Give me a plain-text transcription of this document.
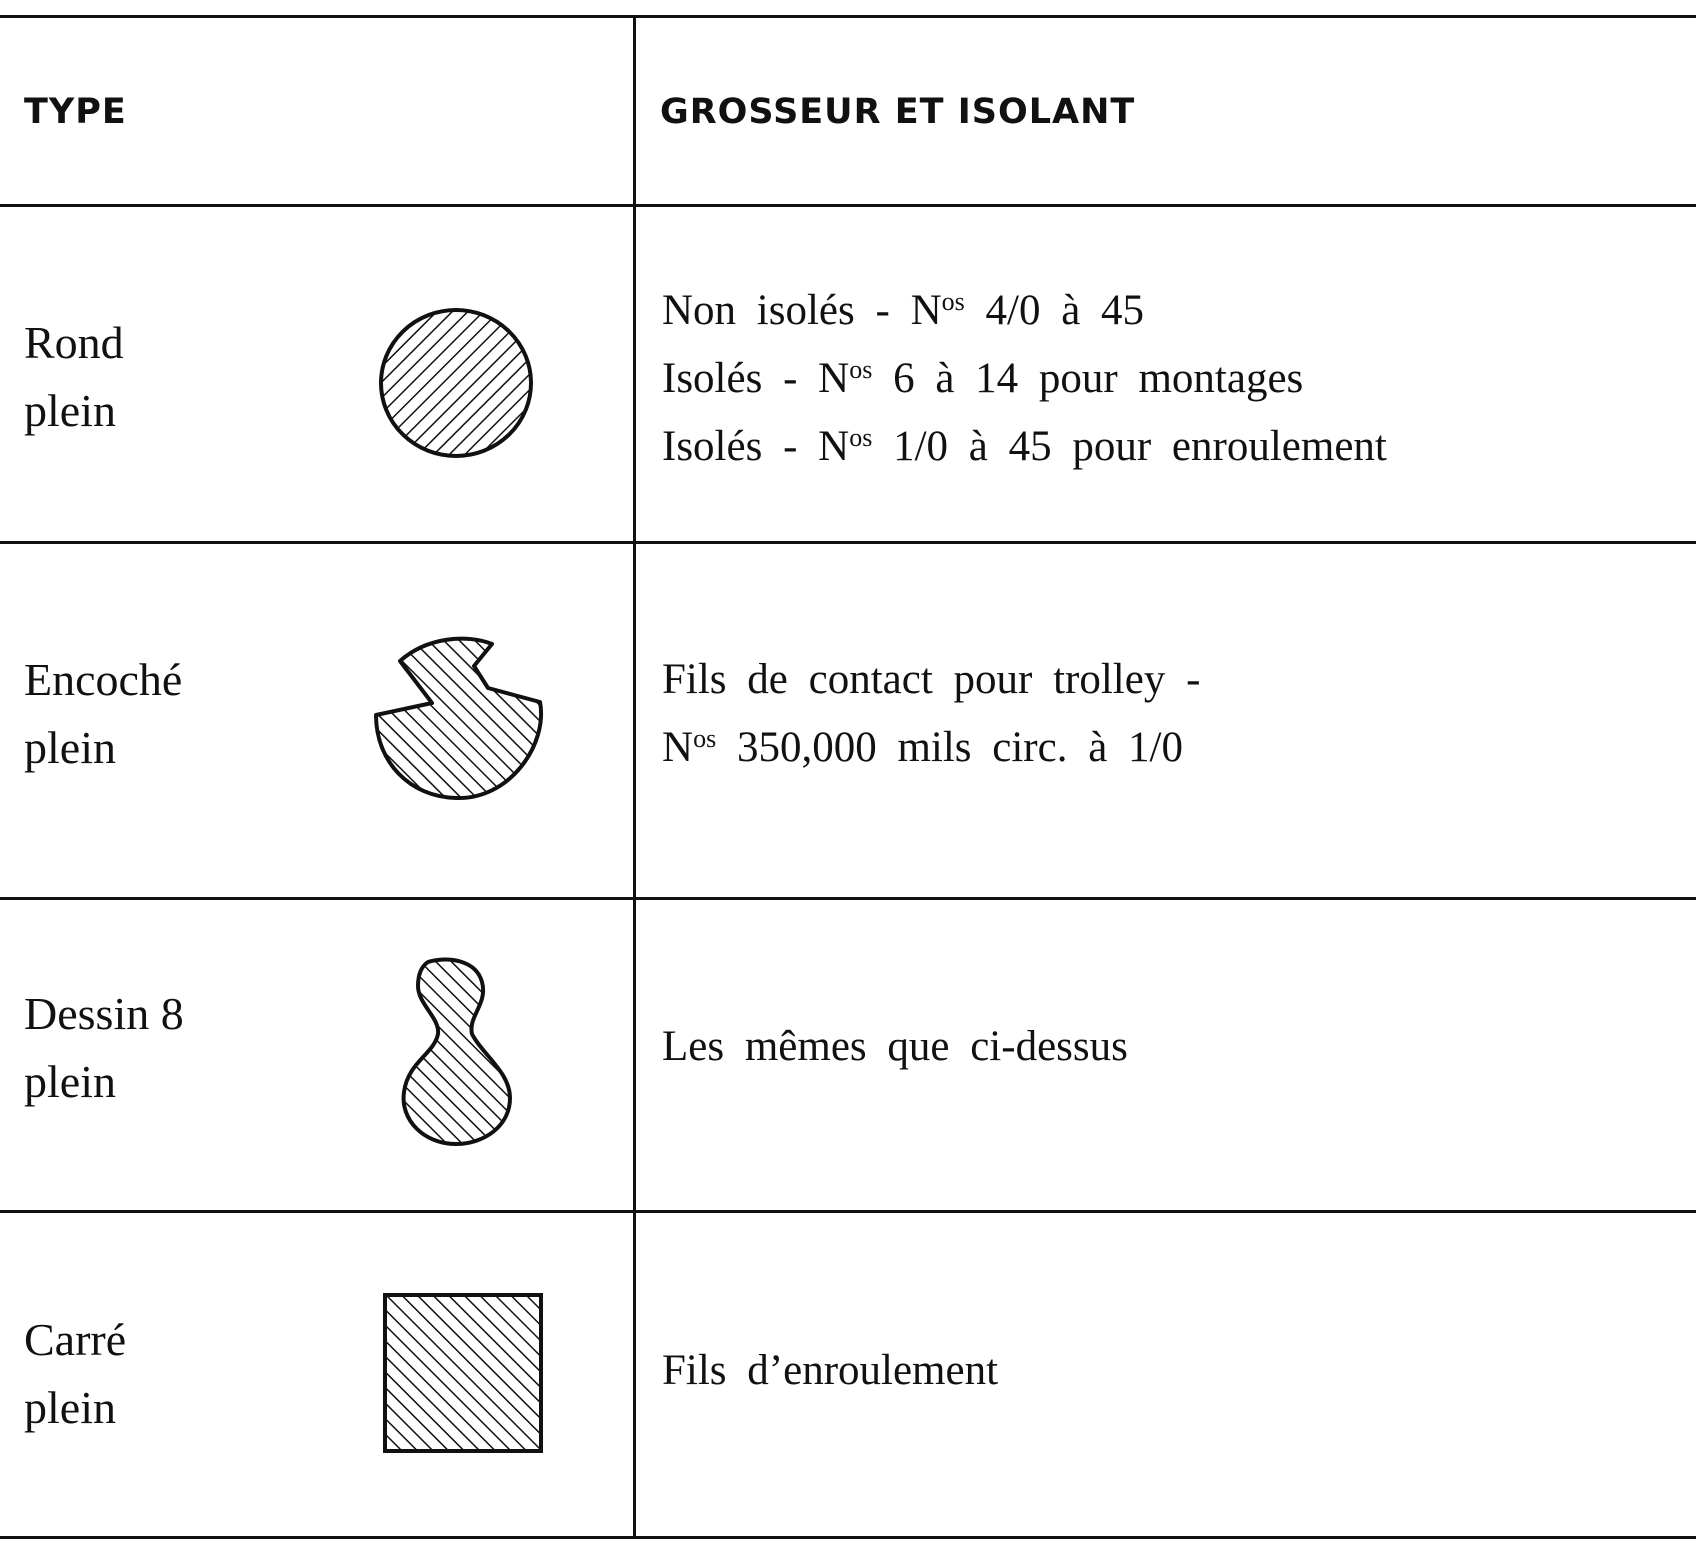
TYPE	GROSSEUR ET ISOLANT
Rond
plein
Non isolés - $N^{os}$ 4/0 à 45
Isolés - $N^{os}$ 6 à 14 pour montages
Isolés - $N^{os}$ 1/0 à 45 pour enroulement
Encoché
plein
Fils de contact pour trolley -
$N^{os}$ 350,000 mils circ. à 1/0
Dessin 8
plein
Les mêmes que ci-dessus
Carré
plein
Fils d’enroulement
